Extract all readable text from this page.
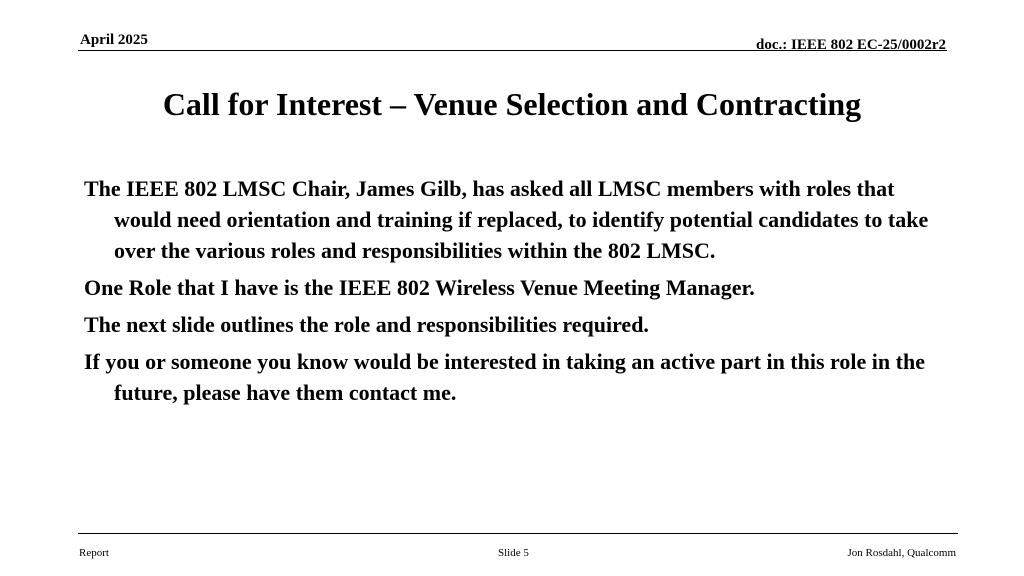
April 2025	doc.: IEEE 802 EC-25/0002r2
Call for Interest – Venue Selection and Contracting
The IEEE 802 LMSC Chair, James Gilb, has asked all LMSC members with roles that would need orientation and training if replaced, to identify potential candidates to take over the various roles and responsibilities within the 802 LMSC.
One Role that I have is the IEEE 802 Wireless Venue Meeting Manager.
The next slide outlines the role and responsibilities required.
If you or someone you know would be interested in taking an active part in this role in the future, please have them contact me.
Report	Slide 5	Jon Rosdahl, Qualcomm
